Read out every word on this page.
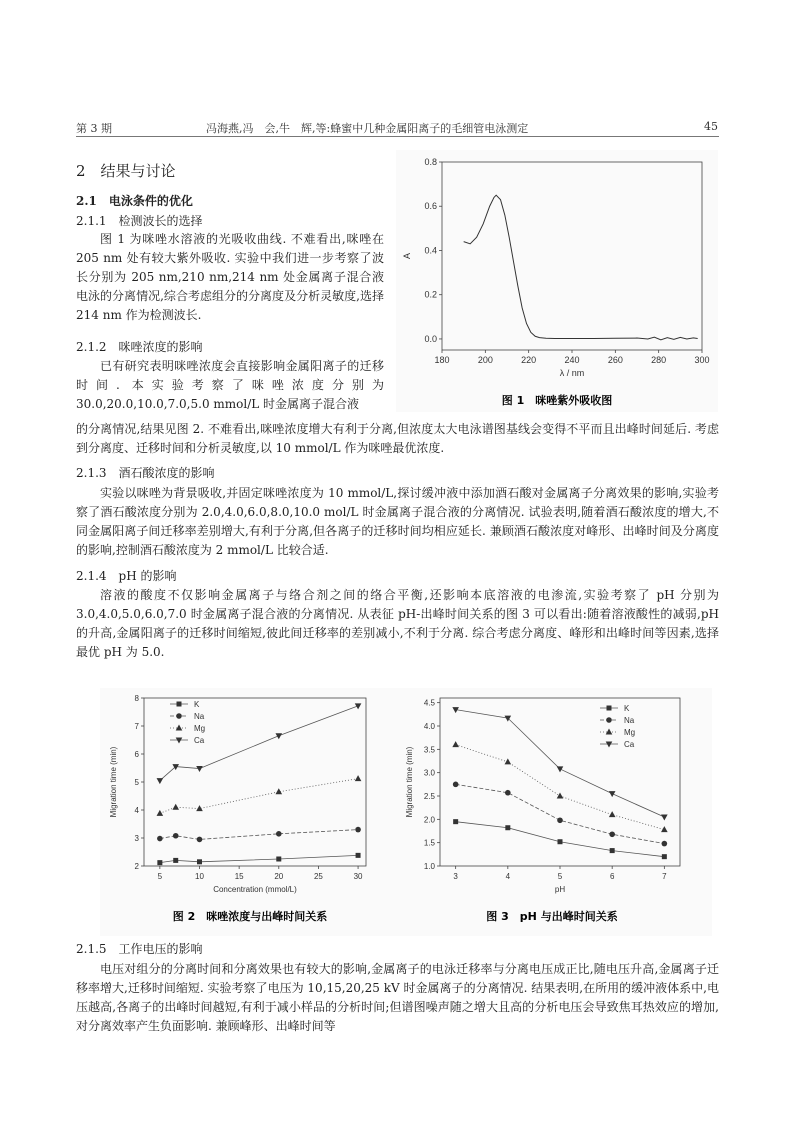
第 3 期	冯海燕,冯　会,牛　辉,等:蜂蜜中几种金属阳离子的毛细管电泳测定	45
2　结果与讨论
2.1　电泳条件的优化
2.1.1　检测波长的选择

图 1 为咪唑水溶液的光吸收曲线. 不难看出,咪唑在 205 nm 处有较大紫外吸收. 实验中我们进一步考察了波长分别为 205 nm,210 nm,214 nm 处金属离子混合液电泳的分离情况,综合考虑组分的分离度及分析灵敏度,选择 214 nm 作为检测波长.

2.1.2　咪唑浓度的影响

已有研究表明咪唑浓度会直接影响金属阳离子的迁移时间. 本实验考察了咪唑浓度分别为 30.0,20.0,10.0,7.0,5.0 mmol/L 时金属离子混合液

的分离情况,结果见图 2. 不难看出,咪唑浓度增大有利于分离,但浓度太大电泳谱图基线会变得不平而且出峰时间延后. 考虑到分离度、迁移时间和分析灵敏度,以 10 mmol/L 作为咪唑最优浓度.

2.1.3　酒石酸浓度的影响

实验以咪唑为背景吸收,并固定咪唑浓度为 10 mmol/L,探讨缓冲液中添加酒石酸对金属离子分离效果的影响,实验考察了酒石酸浓度分别为 2.0,4.0,6.0,8.0,10.0 mol/L 时金属离子混合液的分离情况. 试验表明,随着酒石酸浓度的增大,不同金属阳离子间迁移率差别增大,有利于分离,但各离子的迁移时间均相应延长. 兼顾酒石酸浓度对峰形、出峰时间及分离度的影响,控制酒石酸浓度为 2 mmol/L 比较合适.

2.1.4　pH 的影响

溶液的酸度不仅影响金属离子与络合剂之间的络合平衡,还影响本底溶液的电渗流,实验考察了 pH 分别为 3.0,4.0,5.0,6.0,7.0 时金属离子混合液的分离情况. 从表征 pH-出峰时间关系的图 3 可以看出:随着溶液酸性的减弱,pH 的升高,金属阳离子的迁移时间缩短,彼此间迁移率的差别减小,不利于分离. 综合考虑分离度、峰形和出峰时间等因素,选择最优 pH 为 5.0.

图 1　咪唑紫外吸收图
180	200	220	240	260	280	300
0.0
0.2
0.4
0.6
0.8
λ / nm
A
图 2　咪唑浓度与出峰时间关系
5	10	15	20	25	30
2
3
4
5
6
7
8
Concentration (mmol/L)
Migration time (min)
K
Na
Mg
Ca
图 3　pH 与出峰时间关系
3	4	5	6	7
1.0
1.5
2.0
2.5
3.0
3.5
4.0
4.5
pH
Migration time (min)
K
Na
Mg
Ca
2.1.5　工作电压的影响

电压对组分的分离时间和分离效果也有较大的影响,金属离子的电泳迁移率与分离电压成正比,随电压升高,金属离子迁移率增大,迁移时间缩短. 实验考察了电压为 10,15,20,25 kV 时金属离子的分离情况. 结果表明,在所用的缓冲液体系中,电压越高,各离子的出峰时间越短,有利于减小样品的分析时间;但谱图噪声随之增大且高的分析电压会导致焦耳热效应的增加,对分离效率产生负面影响. 兼顾峰形、出峰时间等
